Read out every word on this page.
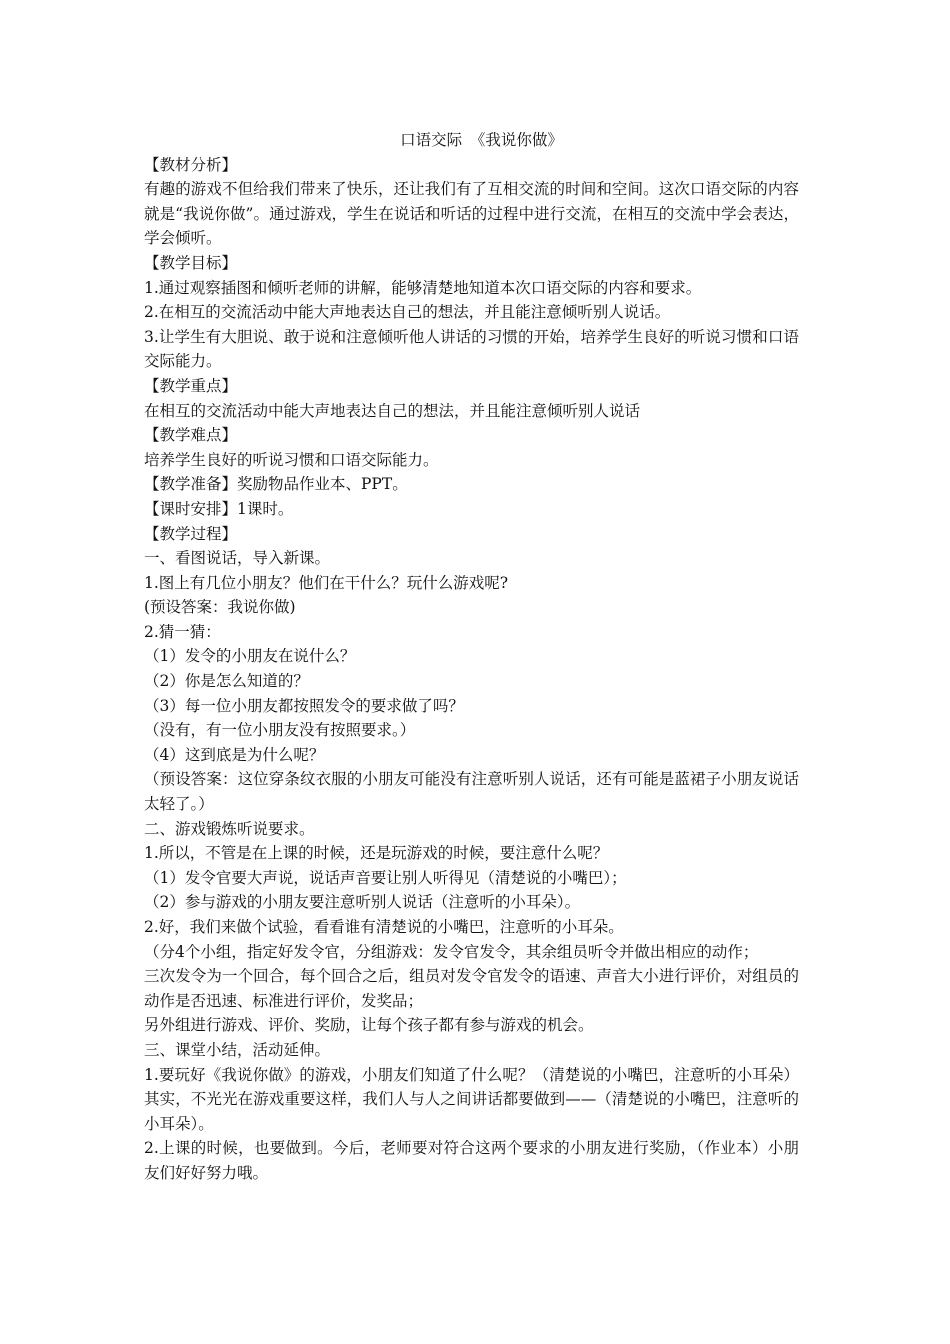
口语交际　《我说你做》

【教材分析】

有趣的游戏不但给我们带来了快乐，还让我们有了互相交流的时间和空间。这次口语交际的内容就是“我说你做”。通过游戏，学生在说话和听话的过程中进行交流，在相互的交流中学会表达，学会倾听。

【教学目标】

1.通过观察插图和倾听老师的讲解，能够清楚地知道本次口语交际的内容和要求。

2.在相互的交流活动中能大声地表达自己的想法，并且能注意倾听别人说话。

3.让学生有大胆说、敢于说和注意倾听他人讲话的习惯的开始，培养学生良好的听说习惯和口语交际能力。

【教学重点】

在相互的交流活动中能大声地表达自己的想法，并且能注意倾听别人说话

【教学难点】

培养学生良好的听说习惯和口语交际能力。

【教学准备】奖励物品作业本、PPT。

【课时安排】1课时。

【教学过程】

一、看图说话，导入新课。

1.图上有几位小朋友？他们在干什么？玩什么游戏呢?

(预设答案：我说你做)

2.猜一猜：

（1）发令的小朋友在说什么？

（2）你是怎么知道的？

（3）每一位小朋友都按照发令的要求做了吗？

（没有，有一位小朋友没有按照要求。）

（4）这到底是为什么呢？

（预设答案：这位穿条纹衣服的小朋友可能没有注意听别人说话，还有可能是蓝裙子小朋友说话太轻了。）

二、游戏锻炼听说要求。

1.所以，不管是在上课的时候，还是玩游戏的时候，要注意什么呢？

（1）发令官要大声说，说话声音要让别人听得见（清楚说的小嘴巴）；

（2）参与游戏的小朋友要注意听别人说话（注意听的小耳朵）。

2.好，我们来做个试验，看看谁有清楚说的小嘴巴，注意听的小耳朵。

（分4个小组，指定好发令官，分组游戏：发令官发令，其余组员听令并做出相应的动作；

三次发令为一个回合，每个回合之后，组员对发令官发令的语速、声音大小进行评价，对组员的动作是否迅速、标准进行评价，发奖品；

另外组进行游戏、评价、奖励，让每个孩子都有参与游戏的机会。

三、课堂小结，活动延伸。

1.要玩好《我说你做》的游戏，小朋友们知道了什么呢？（清楚说的小嘴巴，注意听的小耳朵）其实，不光光在游戏重要这样，我们人与人之间讲话都要做到——（清楚说的小嘴巴，注意听的小耳朵）。

2.上课的时候，也要做到。今后，老师要对符合这两个要求的小朋友进行奖励，（作业本）小朋友们好好努力哦。
